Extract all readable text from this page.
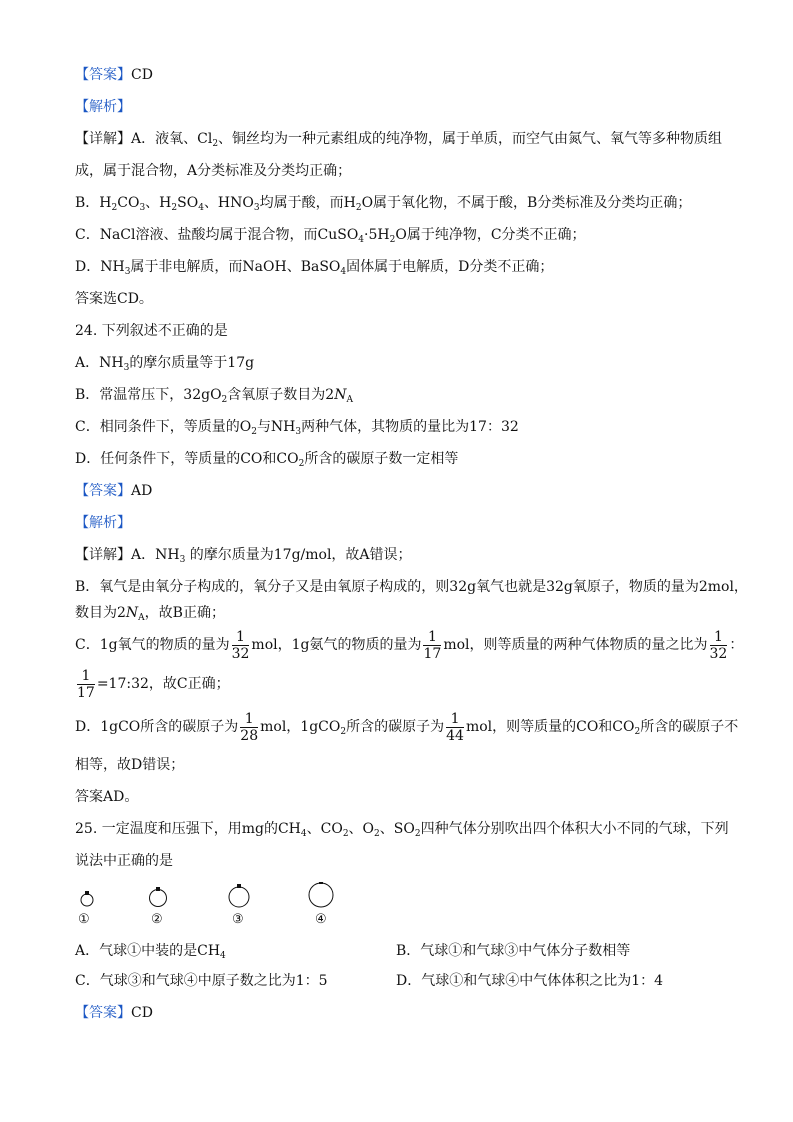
【答案】CD
【解析】
【详解】A．液氧、$Cl_2$、铜丝均为一种元素组成的纯净物，属于单质，而空气由氮气、氧气等多种物质组
成，属于混合物，A分类标准及分类均正确；
B．$H_2CO_3$、$H_2SO_4$、$HNO_3$均属于酸，而$H_2O$属于氧化物，不属于酸，B分类标准及分类均正确；
C．NaCl溶液、盐酸均属于混合物，而$CuSO_4\cdot 5H_2O$属于纯净物，C分类不正确；
D．$NH_3$属于非电解质，而NaOH、BaSO$_4$固体属于电解质，D分类不正确；
答案选CD。
24. 下列叙述不正确的是
A．$NH_3$的摩尔质量等于17g
B．常温常压下，$32gO_2$含氧原子数目为$2N_A$
C．相同条件下，等质量的$O_2$与$NH_3$两种气体，其物质的量比为17：32
D．任何条件下，等质量的CO和$CO_2$所含的碳原子数一定相等
【答案】AD
【解析】
【详解】A．$NH_3$ 的摩尔质量为17g/mol，故A错误；
B．氧气是由氧分子构成的，氧分子又是由氧原子构成的，则32g氧气也就是32g氧原子，物质的量为2mol，
数目为$2N_A$，故B正确；
C．1g氧气的物质的量为 $\frac{1}{32}$ mol，1g氨气的物质的量为 $\frac{1}{17}$ mol，则等质量的两种气体物质的量之比为 $\frac{1}{32}$ ：
$\frac{1}{17}$ =17:32，故C正确；
D．1gCO所含的碳原子为 $\frac{1}{28}$ mol，1gCO$_2$所含的碳原子为 $\frac{1}{44}$ mol，则等质量的CO和$CO_2$所含的碳原子不
相等，故D错误；
答案AD。
25. 一定温度和压强下，用mg的$CH_4$、$CO_2$、$O_2$、$SO_2$四种气体分别吹出四个体积大小不同的气球，下列
说法中正确的是
①	②	③	④
A．气球①中装的是$CH_4$	B．气球①和气球③中气体分子数相等
C．气球③和气球④中原子数之比为1：5	D．气球①和气球④中气体体积之比为1：4
【答案】CD
